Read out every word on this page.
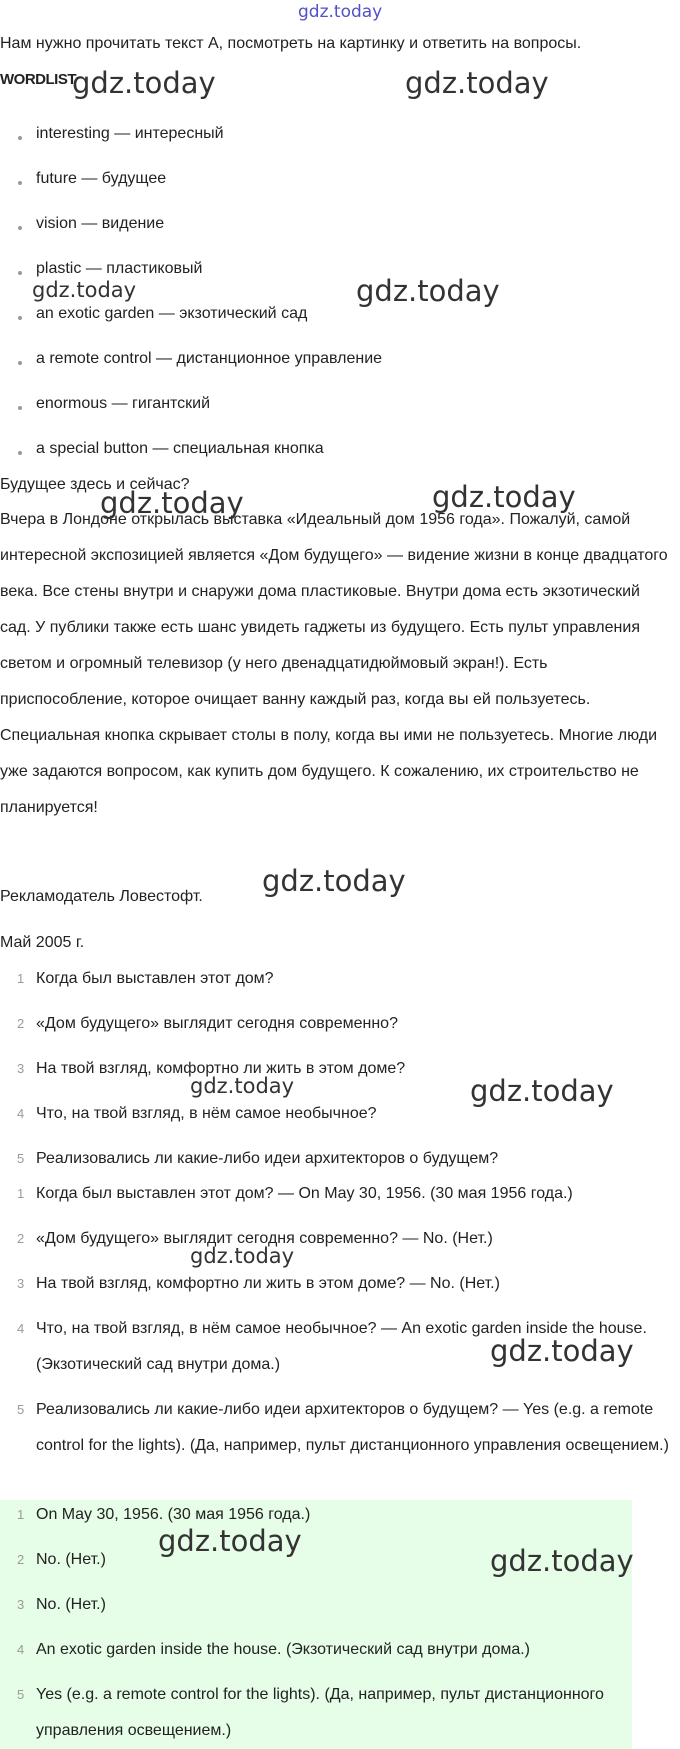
Нам нужно прочитать текст А, посмотреть на картинку и ответить на вопросы.
WORDLIST
interesting — интересный
future — будущее
vision — видение
plastic — пластиковый
an exotic garden — экзотический сад
a remote control — дистанционное управление
enormous — гигантский
a special button — специальная кнопка
Будущее здесь и сейчас?
Вчера в Лондоне открылась выставка «Идеальный дом 1956 года». Пожалуй, самой интересной экспозицией является «Дом будущего» — видение жизни в конце двадцатого века. Все стены внутри и снаружи дома пластиковые. Внутри дома есть экзотический сад. У публики также есть шанс увидеть гаджеты из будущего. Есть пульт управления светом и огромный телевизор (у него двенадцатидюймовый экран!). Есть приспособление, которое очищает ванну каждый раз, когда вы ей пользуетесь. Специальная кнопка скрывает столы в полу, когда вы ими не пользуетесь. Многие люди уже задаются вопросом, как купить дом будущего. К сожалению, их строительство не планируется!
Рекламодатель Ловестофт.
Май 2005 г.
1 Когда был выставлен этот дом?
2 «Дом будущего» выглядит сегодня современно?
3 На твой взгляд, комфортно ли жить в этом доме?
4 Что, на твой взгляд, в нём самое необычное?
5 Реализовались ли какие-либо идеи архитекторов о будущем?
1 Когда был выставлен этот дом? — On May 30, 1956. (30 мая 1956 года.)
2 «Дом будущего» выглядит сегодня современно? — No. (Нет.)
3 На твой взгляд, комфортно ли жить в этом доме? — No. (Нет.)
4 Что, на твой взгляд, в нём самое необычное? — An exotic garden inside the house. (Экзотический сад внутри дома.)
5 Реализовались ли какие-либо идеи архитекторов о будущем? — Yes (e.g. a remote control for the lights). (Да, например, пульт дистанционного управления освещением.)
1 On May 30, 1956. (30 мая 1956 года.)
2 No. (Нет.)
3 No. (Нет.)
4 An exotic garden inside the house. (Экзотический сад внутри дома.)
5 Yes (e.g. a remote control for the lights). (Да, например, пульт дистанционного управления освещением.)
gdz.today
gdz.today	gdz.today
gdz.today	gdz.today
gdz.today	gdz.today
gdz.today
gdz.today	gdz.today
gdz.today
gdz.today
gdz.today
gdz.today
